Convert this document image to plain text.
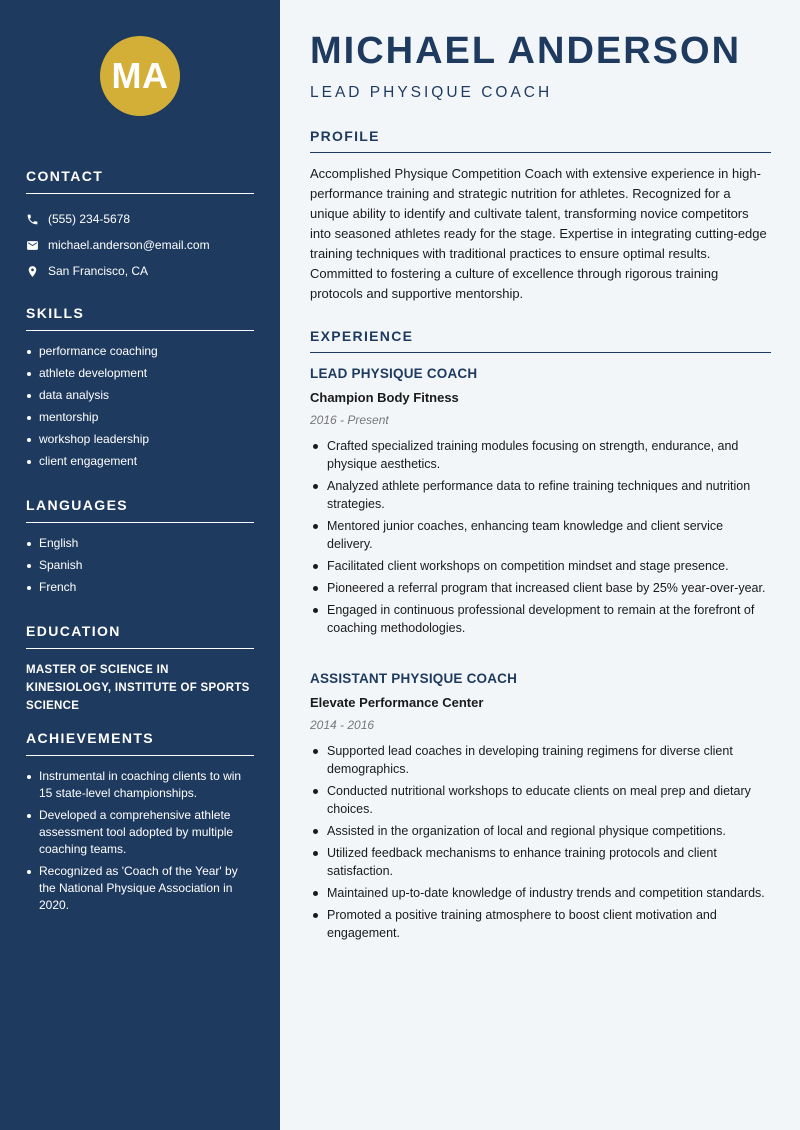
MA
CONTACT
(555) 234-5678
michael.anderson@email.com
San Francisco, CA
SKILLS
performance coaching
athlete development
data analysis
mentorship
workshop leadership
client engagement
LANGUAGES
English
Spanish
French
EDUCATION
MASTER OF SCIENCE IN KINESIOLOGY, INSTITUTE OF SPORTS SCIENCE
ACHIEVEMENTS
Instrumental in coaching clients to win 15 state-level championships.
Developed a comprehensive athlete assessment tool adopted by multiple coaching teams.
Recognized as 'Coach of the Year' by the National Physique Association in 2020.
MICHAEL ANDERSON
LEAD PHYSIQUE COACH
PROFILE
Accomplished Physique Competition Coach with extensive experience in high-performance training and strategic nutrition for athletes. Recognized for a unique ability to identify and cultivate talent, transforming novice competitors into seasoned athletes ready for the stage. Expertise in integrating cutting-edge training techniques with traditional practices to ensure optimal results. Committed to fostering a culture of excellence through rigorous training protocols and supportive mentorship.
EXPERIENCE
LEAD PHYSIQUE COACH
Champion Body Fitness
2016 - Present
Crafted specialized training modules focusing on strength, endurance, and physique aesthetics.
Analyzed athlete performance data to refine training techniques and nutrition strategies.
Mentored junior coaches, enhancing team knowledge and client service delivery.
Facilitated client workshops on competition mindset and stage presence.
Pioneered a referral program that increased client base by 25% year-over-year.
Engaged in continuous professional development to remain at the forefront of coaching methodologies.
ASSISTANT PHYSIQUE COACH
Elevate Performance Center
2014 - 2016
Supported lead coaches in developing training regimens for diverse client demographics.
Conducted nutritional workshops to educate clients on meal prep and dietary choices.
Assisted in the organization of local and regional physique competitions.
Utilized feedback mechanisms to enhance training protocols and client satisfaction.
Maintained up-to-date knowledge of industry trends and competition standards.
Promoted a positive training atmosphere to boost client motivation and engagement.
